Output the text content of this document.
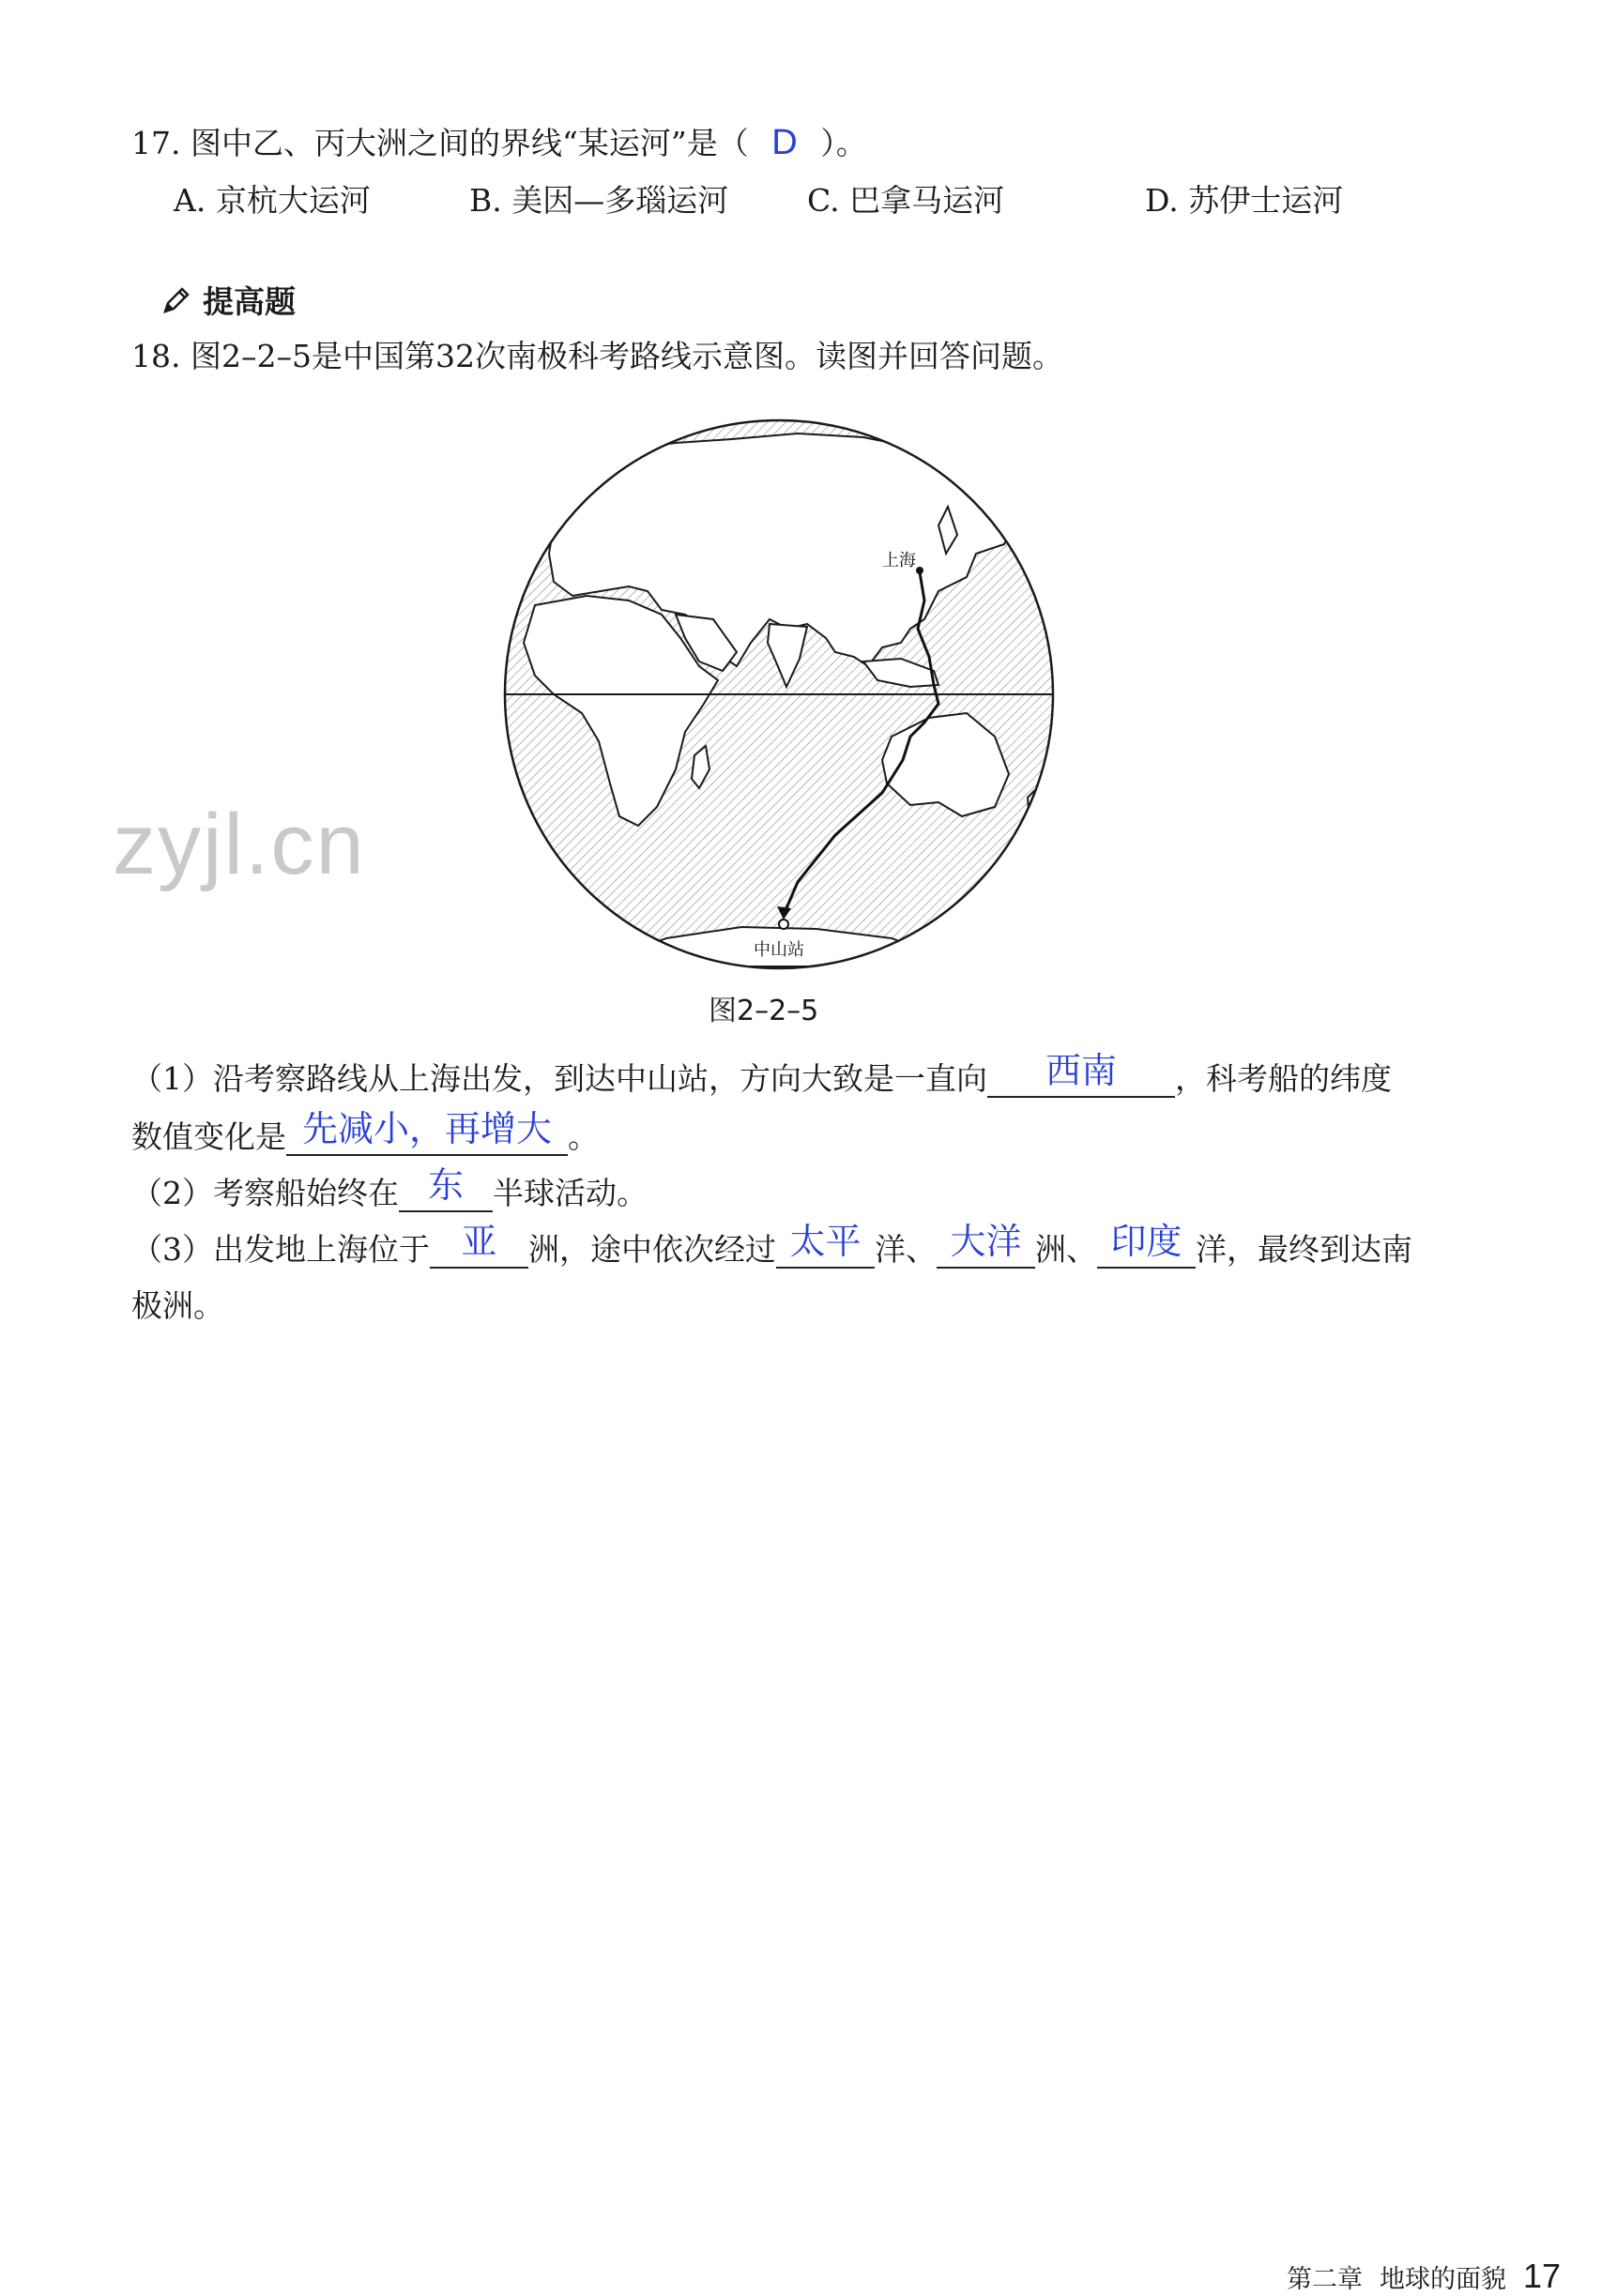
17. 图中乙、丙大洲之间的界线“某运河”是（ D ）。
A. 京杭大运河	B. 美因—多瑙运河	C. 巴拿马运河	D. 苏伊士运河
提高题
18. 图2–2–5是中国第32次南极科考路线示意图。读图并回答问题。
上海
中山站
图2–2–5
zyjl.cn
（1）沿考察路线从上海出发，到达中山站，方向大致是一直向	西南	，科考船的纬度
数值变化是 先减小，再增大 。
（2）考察船始终在 东 半球活动。
（3）出发地上海位于 亚	洲，途中依次经过 太平 洋、 大洋 洲、 印度 洋，最终到达南
极洲。
第二章 地球的面貌 17
